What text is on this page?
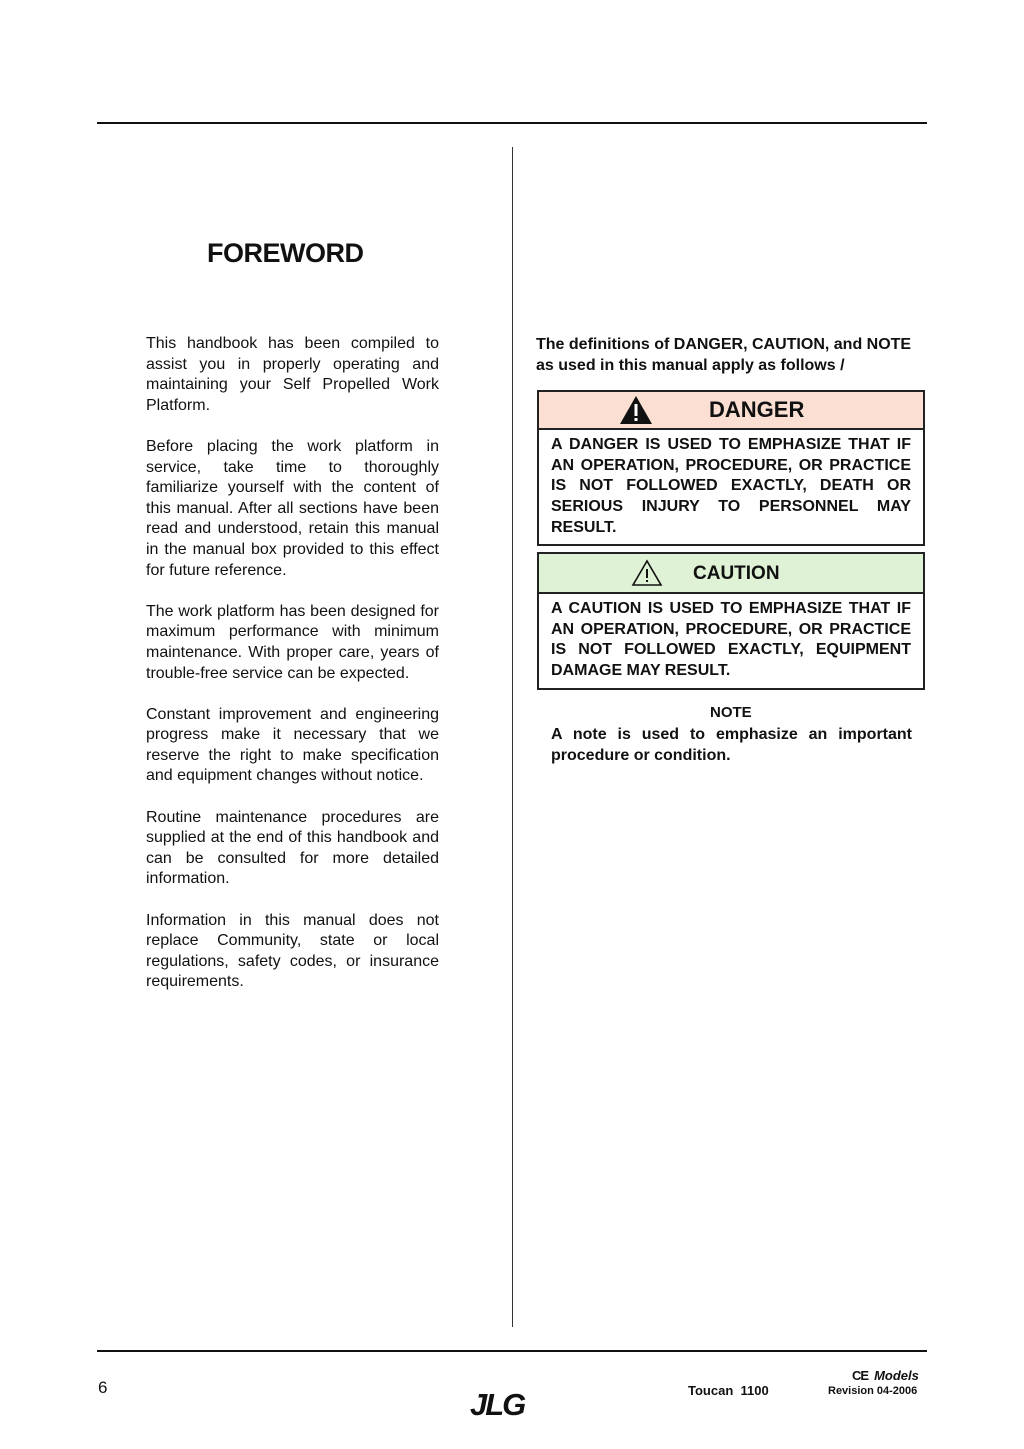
FOREWORD

This handbook has been compiled to assist you in properly operating and maintaining your Self Propelled Work Platform.

Before placing the work platform in service, take time to thoroughly familiarize yourself with the content of this manual. After all sections have been read and understood, retain this manual in the manual box provided to this effect for future reference.

The work platform has been designed for maximum performance with minimum maintenance. With proper care, years of trouble-free service can be expected.

Constant improvement and engineering progress make it necessary that we reserve the right to make specification and equipment changes without notice.

Routine maintenance procedures are supplied at the end of this handbook and can be consulted for more detailed information.

Information in this manual does not replace Community, state or local regulations, safety codes, or insurance requirements.

The definitions of DANGER, CAUTION, and NOTE as used in this manual apply as follows /

DANGER
A DANGER IS USED TO EMPHASIZE THAT IF AN OPERATION, PROCEDURE, OR PRACTICE IS NOT FOLLOWED EXACTLY, DEATH OR SERIOUS INJURY TO PERSONNEL MAY RESULT.
CAUTION
A CAUTION IS USED TO EMPHASIZE THAT IF AN OPERATION, PROCEDURE, OR PRACTICE IS NOT FOLLOWED EXACTLY, EQUIPMENT DAMAGE MAY RESULT.

NOTE

A note is used to emphasize an important procedure or condition.

6	JLG	Toucan  1100
CE Models
Revision 04-2006
